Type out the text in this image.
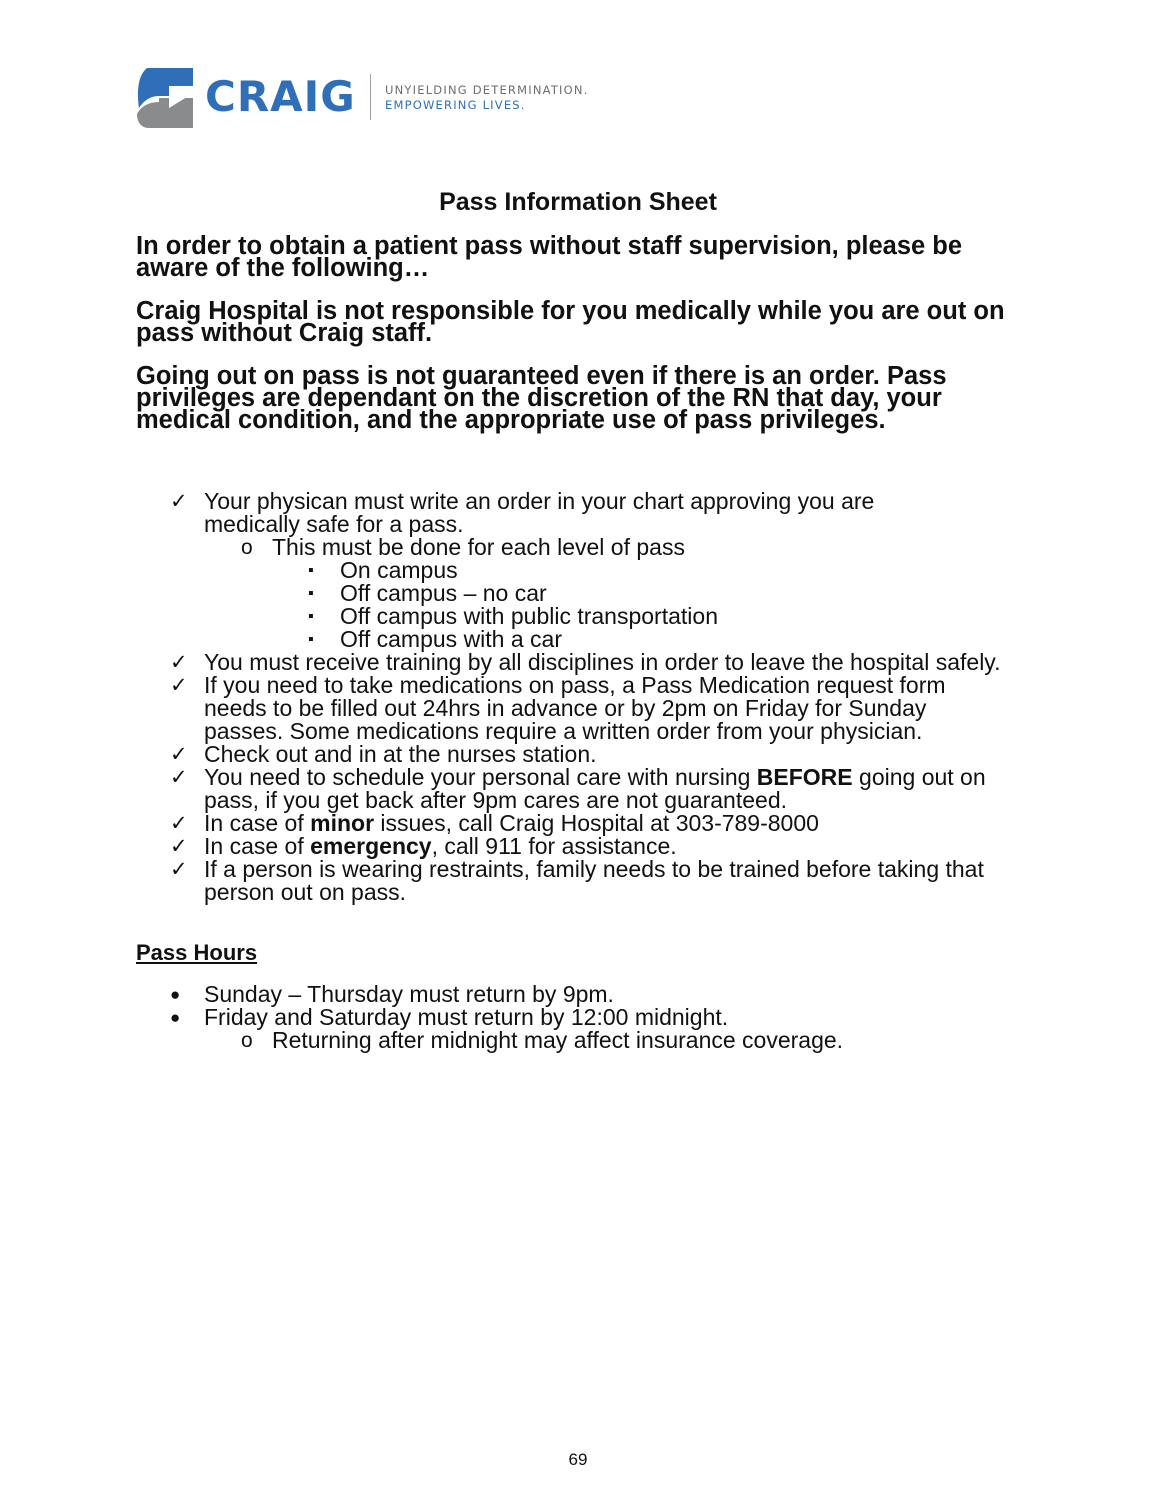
CRAIG	UNYIELDING DETERMINATION.
EMPOWERING LIVES.
Pass Information Sheet
In order to obtain a patient pass without staff supervision, please be aware of the following…
Craig Hospital is not responsible for you medically while you are out on pass without Craig staff.
Going out on pass is not guaranteed even if there is an order. Pass privileges are dependant on the discretion of the RN that day, your medical condition, and the appropriate use of pass privileges.
✓ Your physican must write an order in your chart approving you are medically safe for a pass.
o This must be done for each level of pass
▪ On campus
▪ Off campus – no car
▪ Off campus with public transportation
▪ Off campus with a car
✓ You must receive training by all disciplines in order to leave the hospital safely.
✓ If you need to take medications on pass, a Pass Medication request form needs to be filled out 24hrs in advance or by 2pm on Friday for Sunday passes. Some medications require a written order from your physician.
✓ Check out and in at the nurses station.
✓ You need to schedule your personal care with nursing BEFORE going out on pass, if you get back after 9pm cares are not guaranteed.
✓ In case of minor issues, call Craig Hospital at 303-789-8000
✓ In case of emergency, call 911 for assistance.
✓ If a person is wearing restraints, family needs to be trained before taking that person out on pass.
Pass Hours
● Sunday – Thursday must return by 9pm.
● Friday and Saturday must return by 12:00 midnight.
o Returning after midnight may affect insurance coverage.
69
